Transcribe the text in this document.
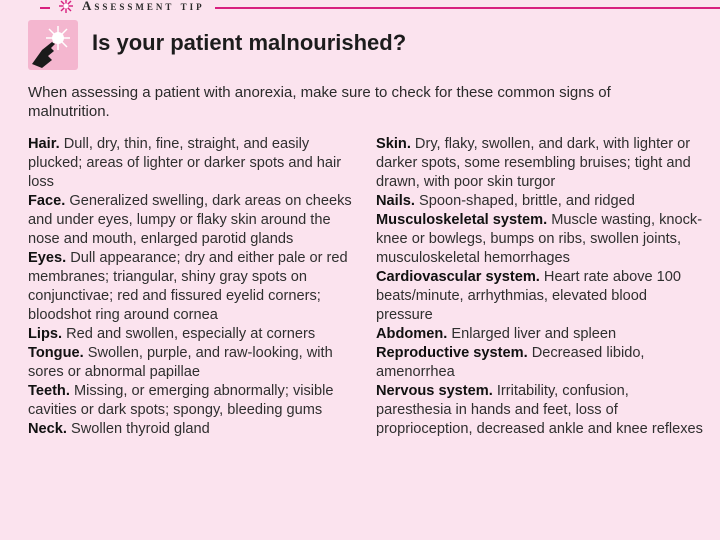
Assessment tip
Is your patient malnourished?
When assessing a patient with anorexia, make sure to check for these common signs of malnutrition.

Hair. Dull, dry, thin, fine, straight, and easily plucked; areas of lighter or darker spots and hair loss

Face. Generalized swelling, dark areas on cheeks and under eyes, lumpy or flaky skin around the nose and mouth, enlarged parotid glands

Eyes. Dull appearance; dry and either pale or red membranes; triangular, shiny gray spots on conjunctivae; red and fissured eyelid corners; bloodshot ring around cornea

Lips. Red and swollen, especially at corners

Tongue. Swollen, purple, and raw-looking, with sores or abnormal papillae

Teeth. Missing, or emerging abnormally; visible cavities or dark spots; spongy, bleeding gums

Neck. Swollen thyroid gland

Skin. Dry, flaky, swollen, and dark, with lighter or darker spots, some resembling bruises; tight and drawn, with poor skin turgor

Nails. Spoon-shaped, brittle, and ridged

Musculoskeletal system. Muscle wasting, knock-knee or bowlegs, bumps on ribs, swollen joints, musculoskeletal hemorrhages

Cardiovascular system. Heart rate above 100 beats/minute, arrhythmias, elevated blood pressure

Abdomen. Enlarged liver and spleen

Reproductive system. Decreased libido, amenorrhea

Nervous system. Irritability, confusion, paresthesia in hands and feet, loss of proprioception, decreased ankle and knee reflexes
